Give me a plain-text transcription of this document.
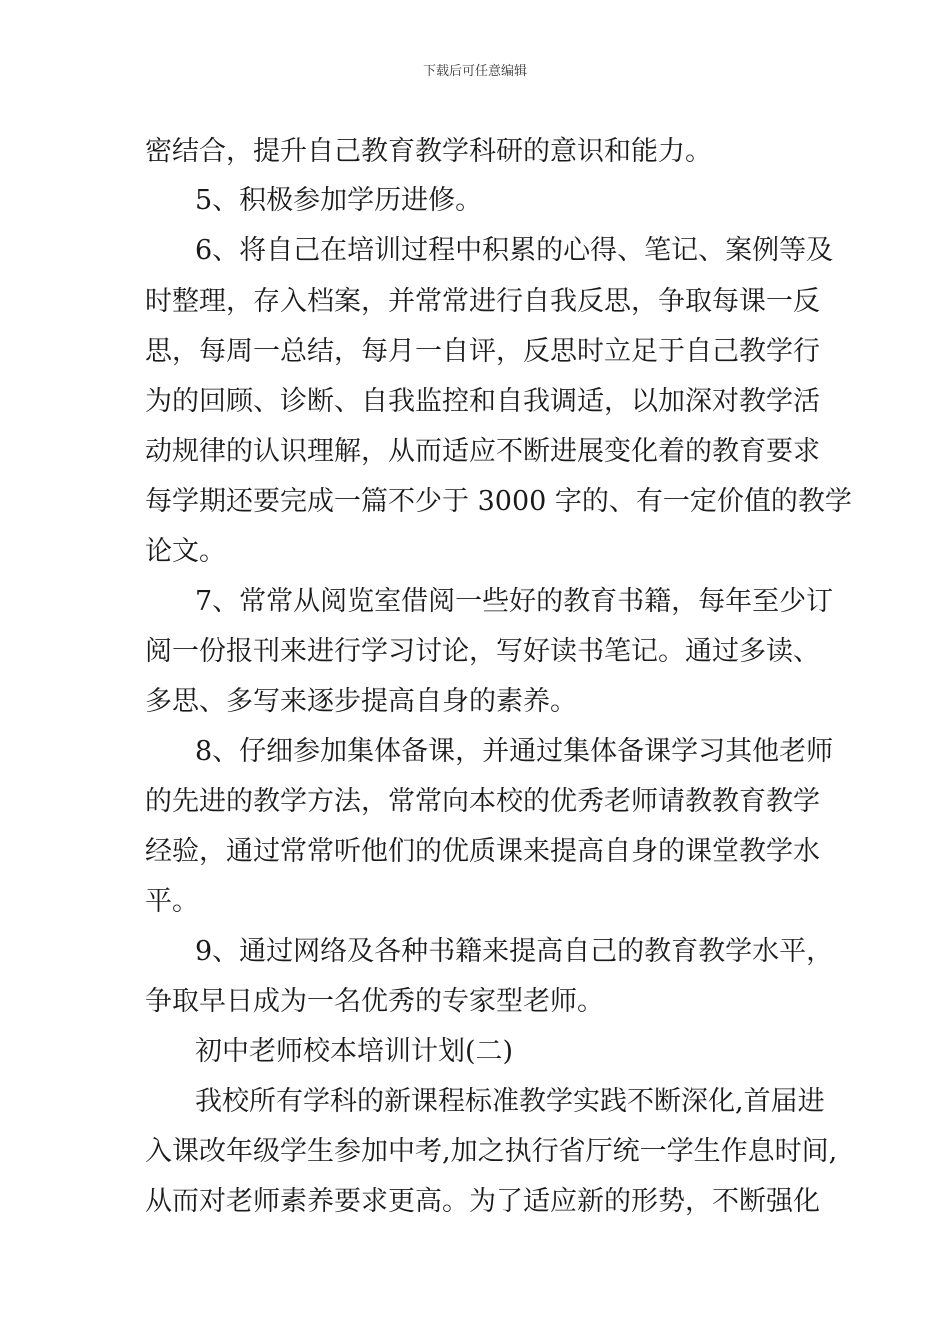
下载后可任意编辑
密结合，提升自己教育教学科研的意识和能力。
5、积极参加学历进修。
6、将自己在培训过程中积累的心得、笔记、案例等及
时整理，存入档案，并常常进行自我反思，争取每课一反
思，每周一总结，每月一自评，反思时立足于自己教学行
为的回顾、诊断、自我监控和自我调适，以加深对教学活
动规律的认识理解，从而适应不断进展变化着的教育要求
每学期还要完成一篇不少于 3000 字的、有一定价值的教学
论文。
7、常常从阅览室借阅一些好的教育书籍，每年至少订
阅一份报刊来进行学习讨论，写好读书笔记。通过多读、
多思、多写来逐步提高自身的素养。
8、仔细参加集体备课，并通过集体备课学习其他老师
的先进的教学方法，常常向本校的优秀老师请教教育教学
经验，通过常常听他们的优质课来提高自身的课堂教学水
平。
9、通过网络及各种书籍来提高自己的教育教学水平，
争取早日成为一名优秀的专家型老师。
初中老师校本培训计划(二)
我校所有学科的新课程标准教学实践不断深化,首届进
入课改年级学生参加中考,加之执行省厅统一学生作息时间,
从而对老师素养要求更高。为了适应新的形势，不断强化
